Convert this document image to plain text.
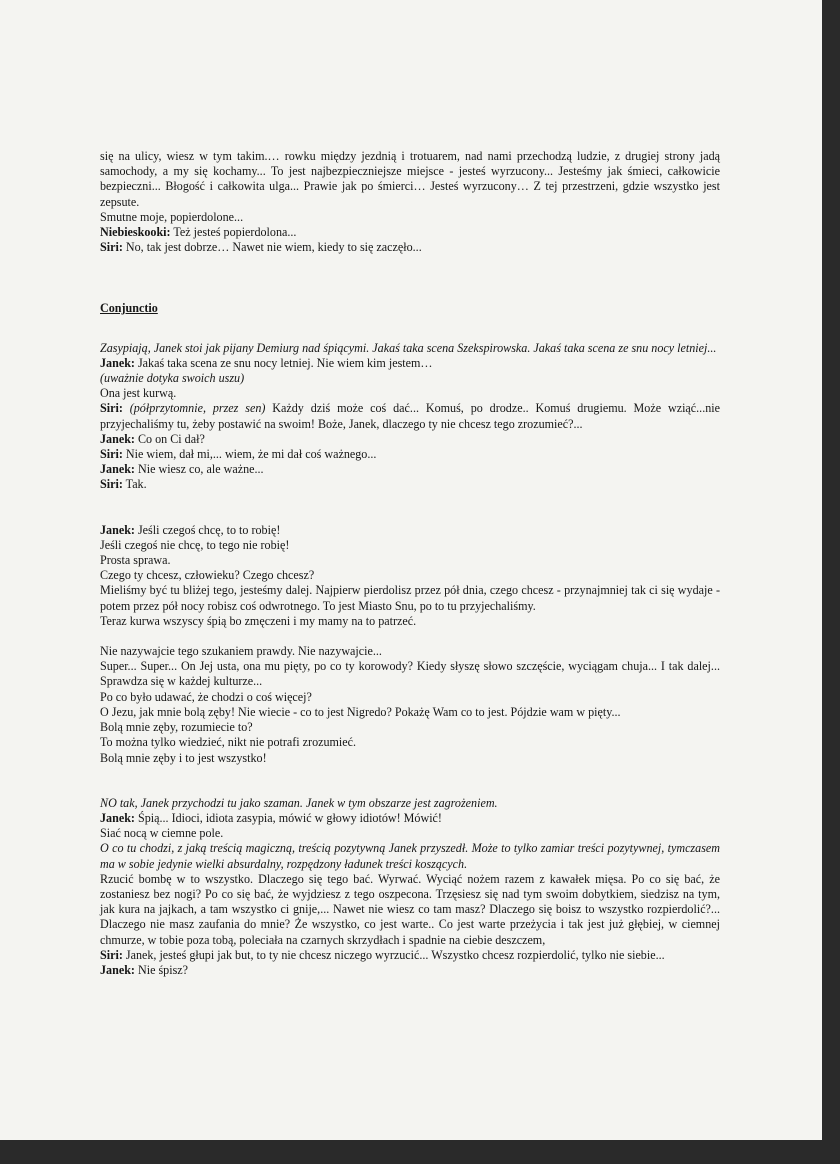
się na ulicy, wiesz w tym takim.… rowku między jezdnią i trotuarem, nad nami przechodzą ludzie, z drugiej strony jadą samochody, a my się kochamy... To jest najbezpieczniejsze miejsce - jesteś wyrzucony... Jesteśmy jak śmieci, całkowicie bezpieczni... Błogość i całkowita ulga... Prawie jak po śmierci… Jesteś wyrzucony… Z tej przestrzeni, gdzie wszystko jest zepsute.

Smutne moje, popierdolone...

Niebieskooki: Też jesteś popierdolona...

Siri: No, tak jest dobrze… Nawet nie wiem, kiedy to się zaczęło...

Conjunctio

Zasypiają, Janek stoi jak pijany Demiurg nad śpiącymi. Jakaś taka scena Szekspirowska. Jakaś taka scena ze snu nocy letniej...

Janek: Jakaś taka scena ze snu nocy letniej. Nie wiem kim jestem…

(uważnie dotyka swoich uszu)

Ona jest kurwą.

Siri: (półprzytomnie, przez sen) Każdy dziś może coś dać... Komuś, po drodze.. Komuś drugiemu. Może wziąć...nie przyjechaliśmy tu, żeby postawić na swoim! Boże, Janek, dlaczego ty nie chcesz tego zrozumieć?...

Janek: Co on Ci dał?

Siri: Nie wiem, dał mi,... wiem, że mi dał coś ważnego...

Janek: Nie wiesz co, ale ważne...

Siri: Tak.

Janek: Jeśli czegoś chcę, to to robię!

Jeśli czegoś nie chcę, to tego nie robię!

Prosta sprawa.

Czego ty chcesz, człowieku? Czego chcesz?

Mieliśmy być tu bliżej tego, jesteśmy dalej. Najpierw pierdolisz przez pół dnia, czego chcesz - przynajmniej tak ci się wydaje - potem przez pół nocy robisz coś odwrotnego. To jest Miasto Snu, po to tu przyjechaliśmy.

Teraz kurwa wszyscy śpią bo zmęczeni i my mamy na to patrzeć.

Nie nazywajcie tego szukaniem prawdy. Nie nazywajcie...

Super... Super... On Jej usta, ona mu pięty, po co ty korowody? Kiedy słyszę słowo szczęście, wyciągam chuja... I tak dalej... Sprawdza się w każdej kulturze...

Po co było udawać, że chodzi o coś więcej?

O Jezu, jak mnie bolą zęby! Nie wiecie - co to jest Nigredo? Pokażę Wam co to jest. Pójdzie wam w pięty...

Bolą mnie zęby, rozumiecie to?

To można tylko wiedzieć, nikt nie potrafi zrozumieć.

Bolą mnie zęby i to jest wszystko!

NO tak, Janek przychodzi tu jako szaman. Janek w tym obszarze jest zagrożeniem.

Janek: Śpią... Idioci, idiota zasypia, mówić w głowy idiotów! Mówić!

Siać nocą w ciemne pole.

O co tu chodzi, z jaką treścią magiczną, treścią pozytywną Janek przyszedł. Może to tylko zamiar treści pozytywnej, tymczasem ma w sobie jedynie wielki absurdalny, rozpędzony ładunek treści koszących.

Rzucić bombę w to wszystko. Dlaczego się tego bać. Wyrwać. Wyciąć nożem razem z kawałek mięsa. Po co się bać, że zostaniesz bez nogi? Po co się bać, że wyjdziesz z tego oszpecona. Trzęsiesz się nad tym swoim dobytkiem, siedzisz na tym, jak kura na jajkach, a tam wszystko ci gnije,... Nawet nie wiesz co tam masz? Dlaczego się boisz to wszystko rozpierdolić?... Dlaczego nie masz zaufania do mnie? Że wszystko, co jest warte.. Co jest warte przeżycia i tak jest już głębiej, w ciemnej chmurze, w tobie poza tobą, poleciała na czarnych skrzydłach i spadnie na ciebie deszczem,

Siri: Janek, jesteś głupi jak but, to ty nie chcesz niczego wyrzucić... Wszystko chcesz rozpierdolić, tylko nie siebie...

Janek: Nie śpisz?
